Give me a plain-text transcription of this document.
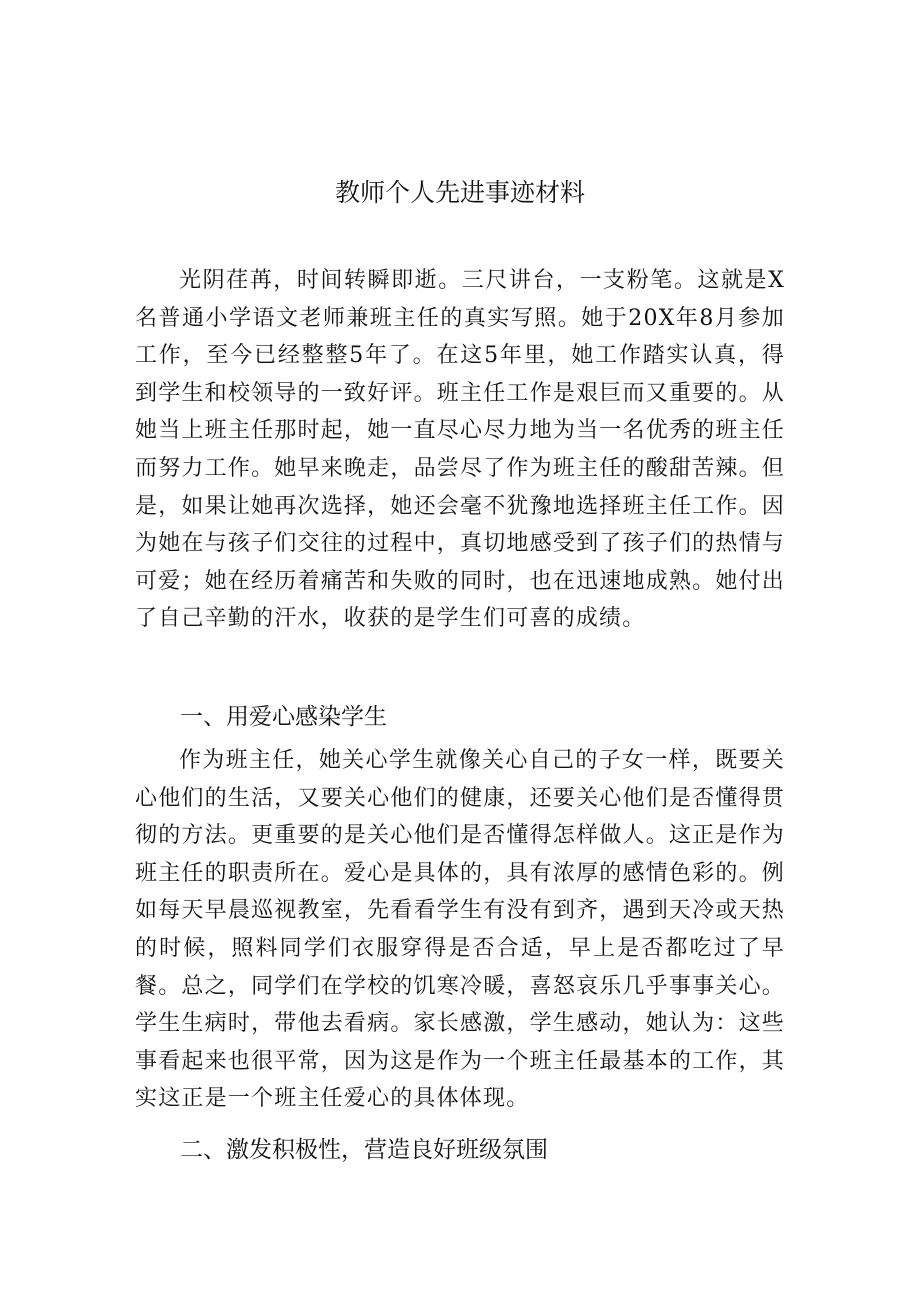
教师个人先进事迹材料

光阴荏苒，时间转瞬即逝。三尺讲台，一支粉笔。这就是X名普通小学语文老师兼班主任的真实写照。她于20X年8月参加工作，至今已经整整5年了。在这5年里，她工作踏实认真，得到学生和校领导的一致好评。班主任工作是艰巨而又重要的。从她当上班主任那时起，她一直尽心尽力地为当一名优秀的班主任而努力工作。她早来晚走，品尝尽了作为班主任的酸甜苦辣。但是，如果让她再次选择，她还会毫不犹豫地选择班主任工作。因为她在与孩子们交往的过程中，真切地感受到了孩子们的热情与可爱；她在经历着痛苦和失败的同时，也在迅速地成熟。她付出了自己辛勤的汗水，收获的是学生们可喜的成绩。

一、用爱心感染学生

作为班主任，她关心学生就像关心自己的子女一样，既要关心他们的生活，又要关心他们的健康，还要关心他们是否懂得贯彻的方法。更重要的是关心他们是否懂得怎样做人。这正是作为班主任的职责所在。爱心是具体的，具有浓厚的感情色彩的。例如每天早晨巡视教室，先看看学生有没有到齐，遇到天冷或天热的时候，照料同学们衣服穿得是否合适，早上是否都吃过了早餐。总之，同学们在学校的饥寒冷暖，喜怒哀乐几乎事事关心。学生生病时，带他去看病。家长感激，学生感动，她认为：这些事看起来也很平常，因为这是作为一个班主任最基本的工作，其实这正是一个班主任爱心的具体体现。

二、激发积极性，营造良好班级氛围
